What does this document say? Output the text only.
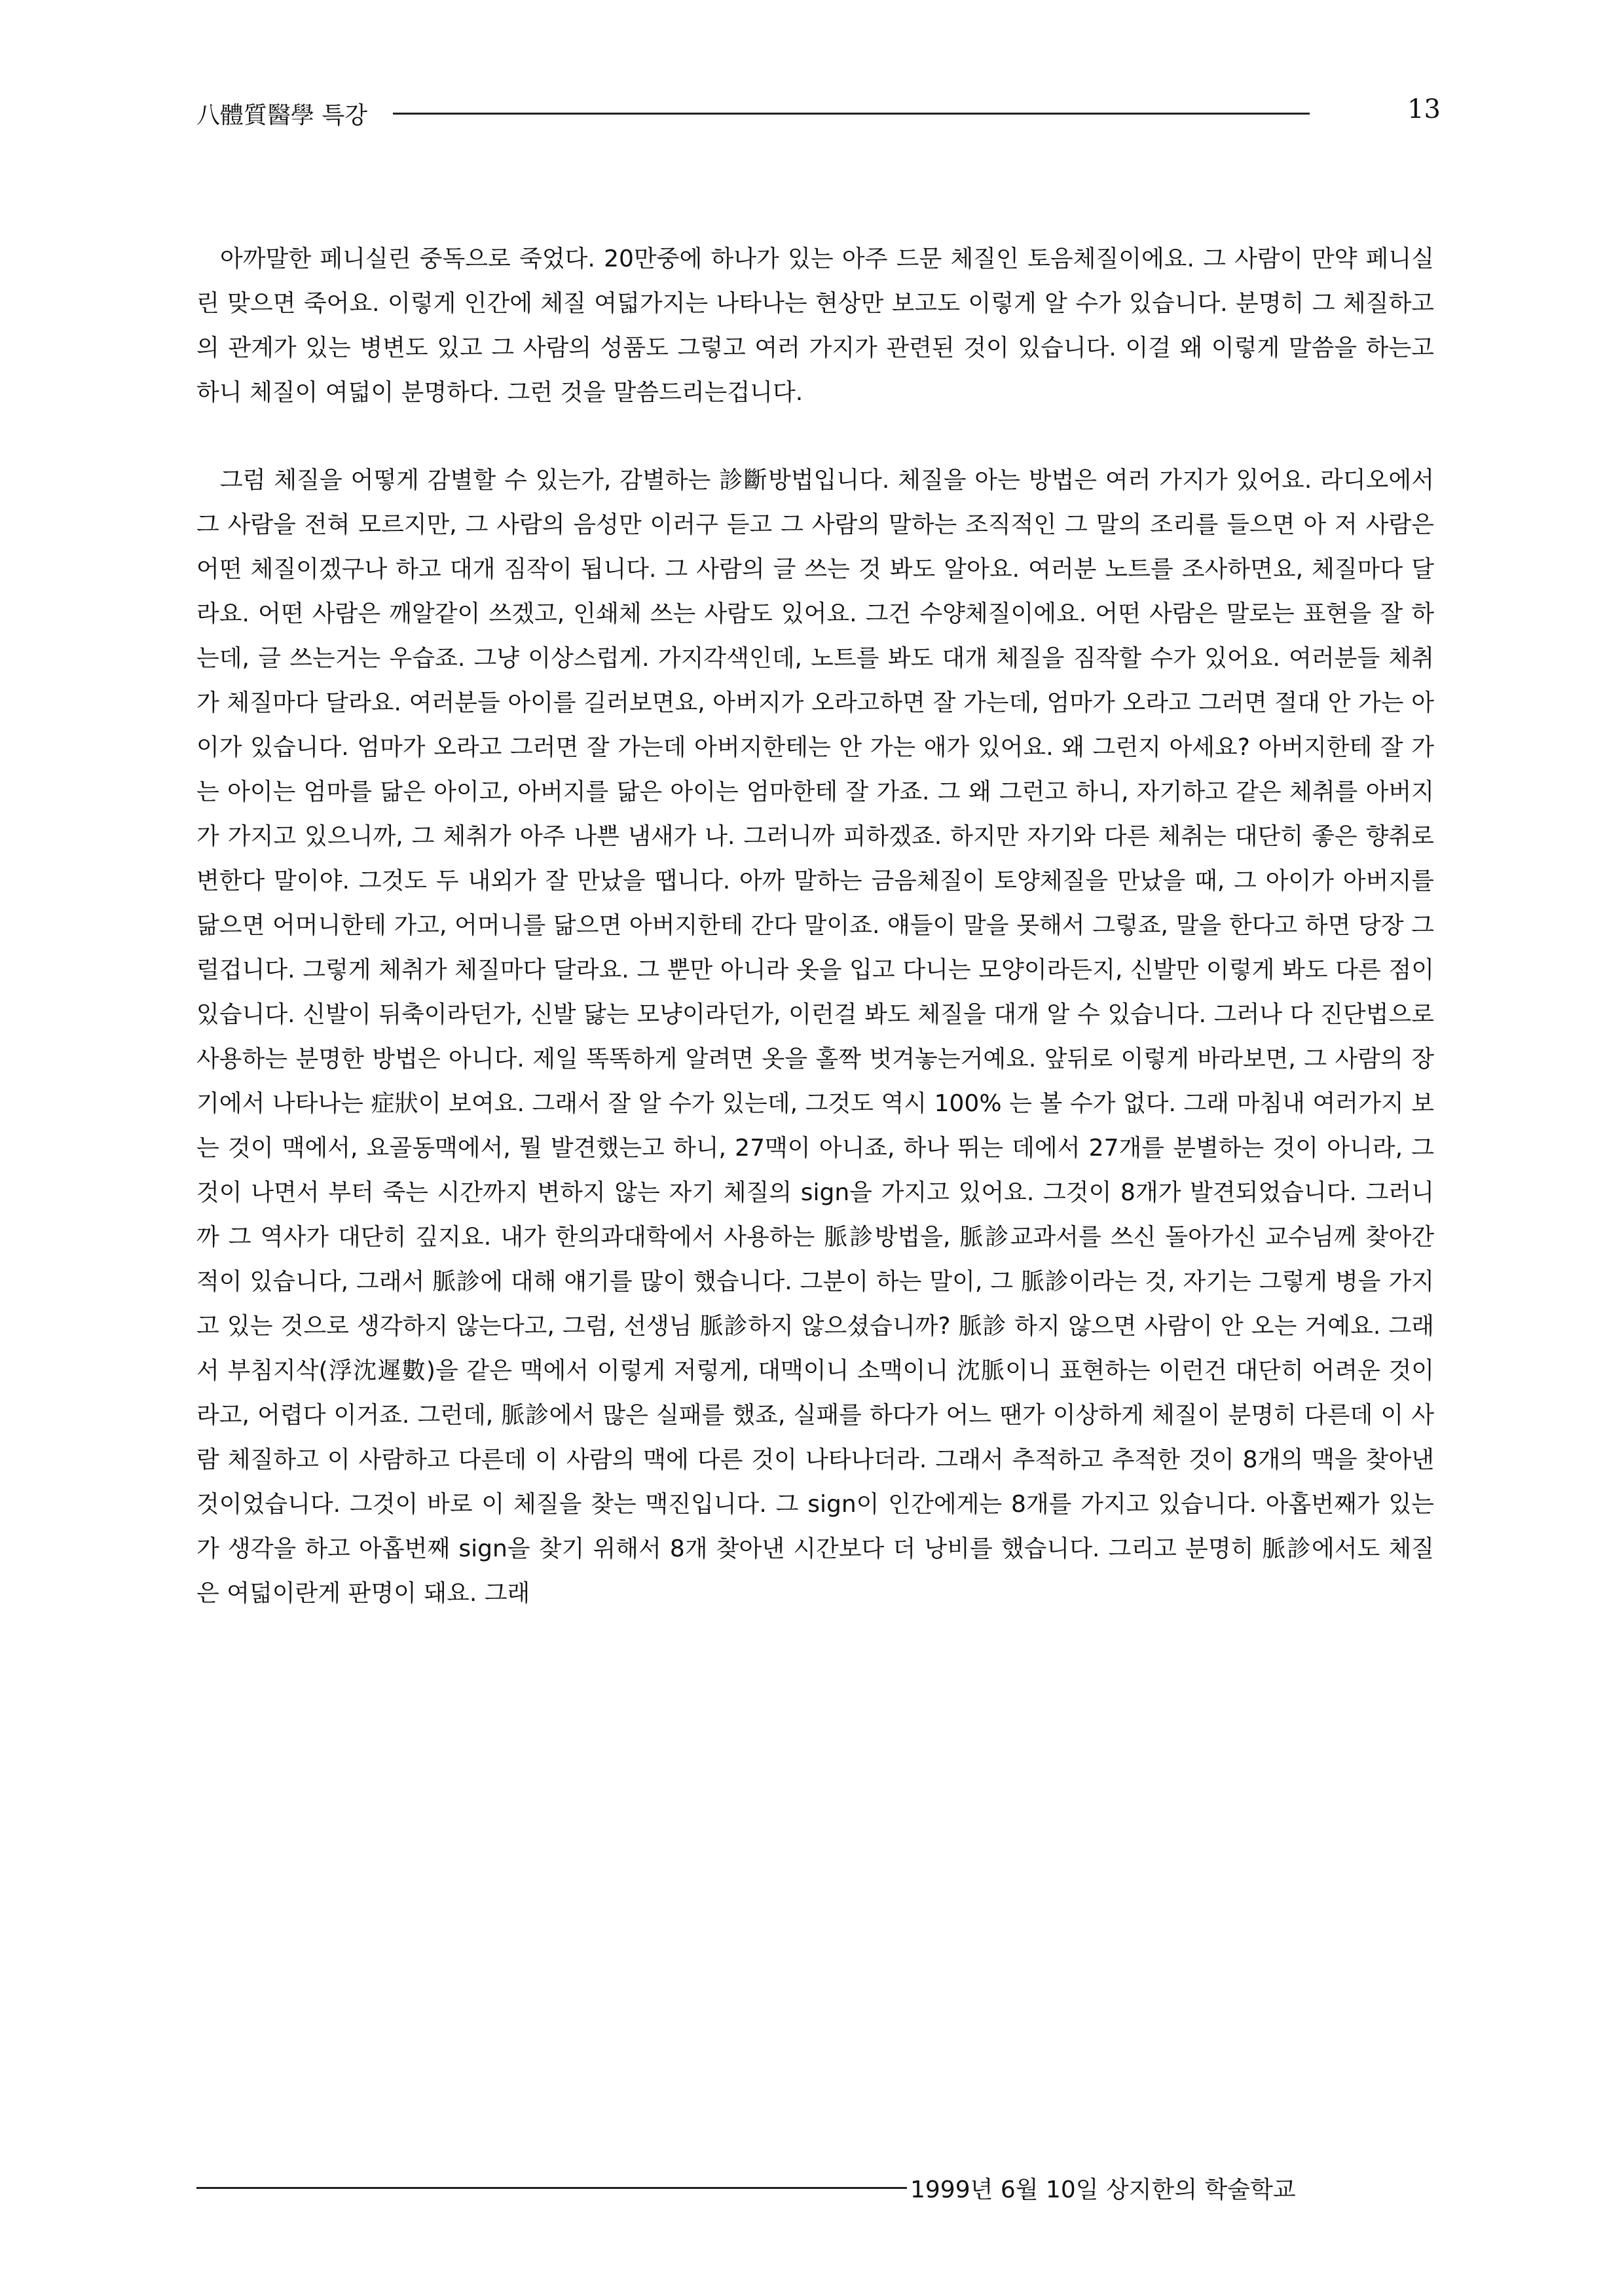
八體質醫學 특강	13

아까말한 페니실린 중독으로 죽었다. 20만중에 하나가 있는 아주 드문 체질인 토음체질이에요. 그 사람이 만약 페니실린 맞으면 죽어요. 이렇게 인간에 체질 여덟가지는 나타나는 현상만 보고도 이렇게 알 수가 있습니다. 분명히 그 체질하고의 관계가 있는 병변도 있고 그 사람의 성품도 그렇고 여러 가지가 관련된 것이 있습니다. 이걸 왜 이렇게 말씀을 하는고 하니 체질이 여덟이 분명하다. 그런 것을 말씀드리는겁니다.

그럼 체질을 어떻게 감별할 수 있는가, 감별하는 診斷방법입니다. 체질을 아는 방법은 여러 가지가 있어요. 라디오에서 그 사람을 전혀 모르지만, 그 사람의 음성만 이러구 듣고 그 사람의 말하는 조직적인 그 말의 조리를 들으면 아 저 사람은 어떤 체질이겠구나 하고 대개 짐작이 됩니다. 그 사람의 글 쓰는 것 봐도 알아요. 여러분 노트를 조사하면요, 체질마다 달라요. 어떤 사람은 깨알같이 쓰겠고, 인쇄체 쓰는 사람도 있어요. 그건 수양체질이에요. 어떤 사람은 말로는 표현을 잘 하는데, 글 쓰는거는 우습죠. 그냥 이상스럽게. 가지각색인데, 노트를 봐도 대개 체질을 짐작할 수가 있어요. 여러분들 체취가 체질마다 달라요. 여러분들 아이를 길러보면요, 아버지가 오라고하면 잘 가는데, 엄마가 오라고 그러면 절대 안 가는 아이가 있습니다. 엄마가 오라고 그러면 잘 가는데 아버지한테는 안 가는 애가 있어요. 왜 그런지 아세요? 아버지한테 잘 가는 아이는 엄마를 닮은 아이고, 아버지를 닮은 아이는 엄마한테 잘 가죠. 그 왜 그런고 하니, 자기하고 같은 체취를 아버지가 가지고 있으니까, 그 체취가 아주 나쁜 냄새가 나. 그러니까 피하겠죠. 하지만 자기와 다른 체취는 대단히 좋은 향취로 변한다 말이야. 그것도 두 내외가 잘 만났을 땝니다. 아까 말하는 금음체질이 토양체질을 만났을 때, 그 아이가 아버지를 닮으면 어머니한테 가고, 어머니를 닮으면 아버지한테 간다 말이죠. 얘들이 말을 못해서 그렇죠, 말을 한다고 하면 당장 그럴겁니다. 그렇게 체취가 체질마다 달라요. 그 뿐만 아니라 옷을 입고 다니는 모양이라든지, 신발만 이렇게 봐도 다른 점이 있습니다. 신발이 뒤축이라던가, 신발 닳는 모냥이라던가, 이런걸 봐도 체질을 대개 알 수 있습니다. 그러나 다 진단법으로 사용하는 분명한 방법은 아니다. 제일 똑똑하게 알려면 옷을 홀짝 벗겨놓는거예요. 앞뒤로 이렇게 바라보면, 그 사람의 장기에서 나타나는 症狀이 보여요. 그래서 잘 알 수가 있는데, 그것도 역시 100% 는 볼 수가 없다. 그래 마침내 여러가지 보는 것이 맥에서, 요골동맥에서, 뭘 발견했는고 하니, 27맥이 아니죠, 하나 뛰는 데에서 27개를 분별하는 것이 아니라, 그것이 나면서 부터 죽는 시간까지 변하지 않는 자기 체질의 sign을 가지고 있어요. 그것이 8개가 발견되었습니다. 그러니까 그 역사가 대단히 깊지요. 내가 한의과대학에서 사용하는 脈診방법을, 脈診교과서를 쓰신 돌아가신 교수님께 찾아간 적이 있습니다, 그래서 脈診에 대해 얘기를 많이 했습니다. 그분이 하는 말이, 그 脈診이라는 것, 자기는 그렇게 병을 가지고 있는 것으로 생각하지 않는다고, 그럼, 선생님 脈診하지 않으셨습니까? 脈診 하지 않으면 사람이 안 오는 거예요. 그래서 부침지삭(浮沈遲數)을 같은 맥에서 이렇게 저렇게, 대맥이니 소맥이니 沈脈이니 표현하는 이런건 대단히 어려운 것이라고, 어렵다 이거죠. 그런데, 脈診에서 많은 실패를 했죠, 실패를 하다가 어느 땐가 이상하게 체질이 분명히 다른데 이 사람 체질하고 이 사람하고 다른데 이 사람의 맥에 다른 것이 나타나더라. 그래서 추적하고 추적한 것이 8개의 맥을 찾아낸 것이었습니다. 그것이 바로 이 체질을 찾는 맥진입니다. 그 sign이 인간에게는 8개를 가지고 있습니다. 아홉번째가 있는가 생각을 하고 아홉번째 sign을 찾기 위해서 8개 찾아낸 시간보다 더 낭비를 했습니다. 그리고 분명히 脈診에서도 체질은 여덟이란게 판명이 돼요. 그래

1999년 6월 10일 상지한의 학술학교
